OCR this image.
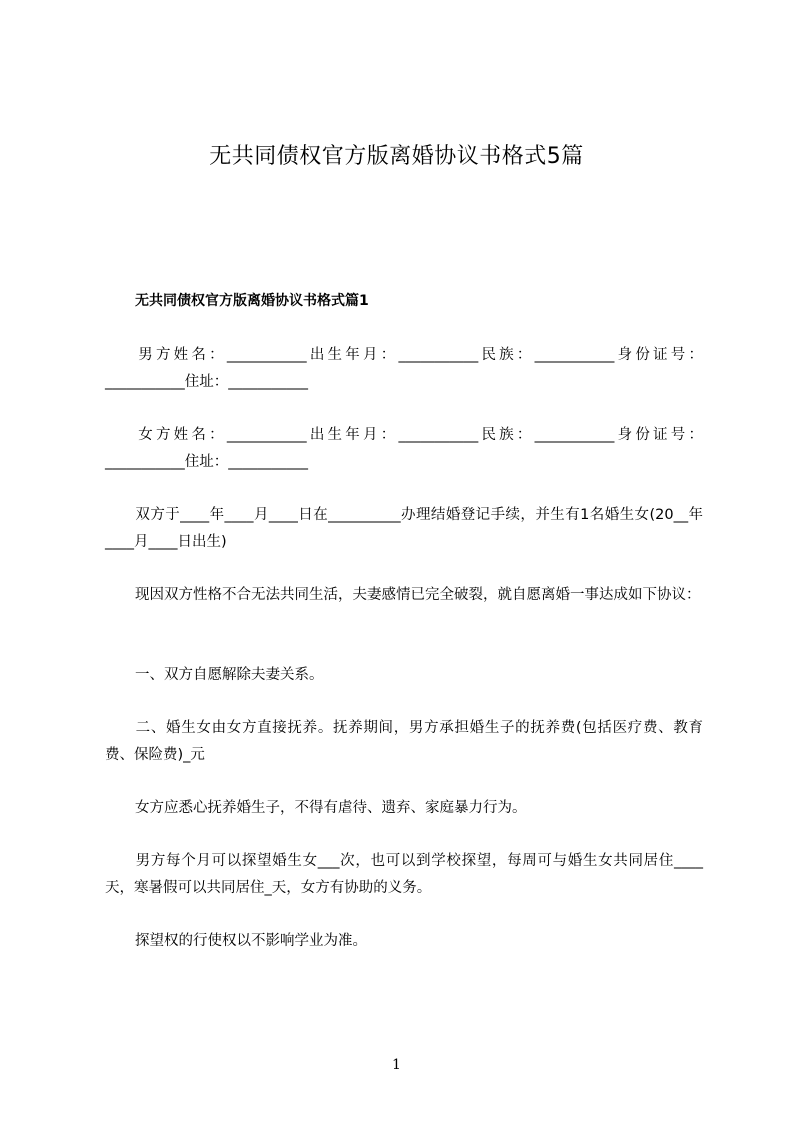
无共同债权官方版离婚协议书格式5篇
无共同债权官方版离婚协议书格式篇1
男方姓名：___________出生年月：___________民族：___________身份证号：___________住址：___________
女方姓名：___________出生年月：___________民族：___________身份证号：___________住址：___________
双方于____年____月____日在__________办理结婚登记手续，并生有1名婚生女(20__年____月____日出生)
现因双方性格不合无法共同生活，夫妻感情已完全破裂，就自愿离婚一事达成如下协议：
一、双方自愿解除夫妻关系。
二、婚生女由女方直接抚养。抚养期间，男方承担婚生子的抚养费(包括医疗费、教育费、保险费)_元
女方应悉心抚养婚生子，不得有虐待、遗弃、家庭暴力行为。
男方每个月可以探望婚生女___次，也可以到学校探望，每周可与婚生女共同居住____天，寒暑假可以共同居住_天，女方有协助的义务。
探望权的行使权以不影响学业为准。
1
